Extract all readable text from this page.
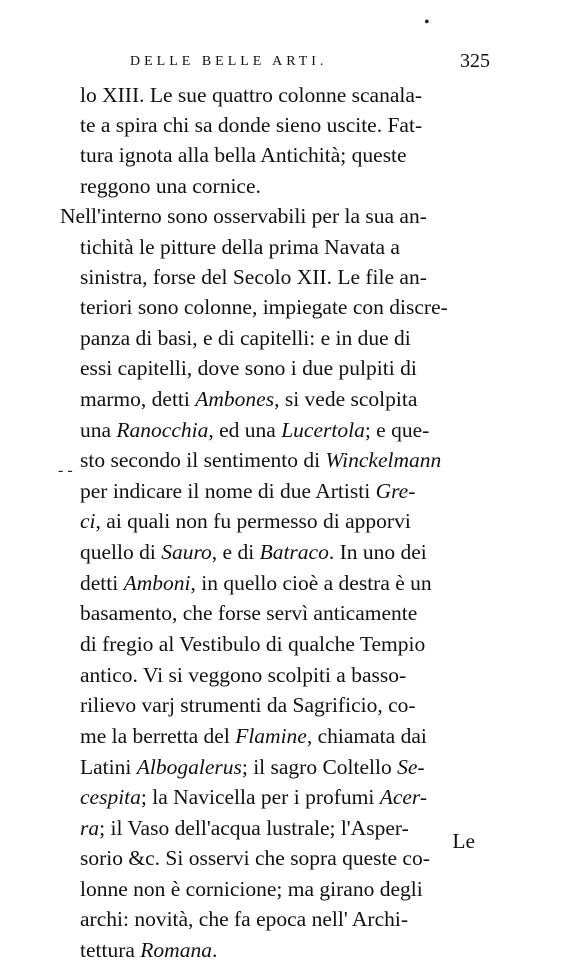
DELLE BELLE ARTI.	325
lo XIII. Le sue quattro colonne scanala-
te a spira chi sa donde sieno uscite. Fat-
tura ignota alla bella Antichità; queste
reggono una cornice.
Nell'interno sono osservabili per la sua an-
tichità le pitture della prima Navata a
sinistra, forse del Secolo XII. Le file an-
teriori sono colonne, impiegate con discre-
panza di basi, e di capitelli: e in due di
essi capitelli, dove sono i due pulpiti di
marmo, detti Ambones, si vede scolpita
una Ranocchia, ed una Lucertola; e que-
sto secondo il sentimento di Winckelmann
per indicare il nome di due Artisti Gre-
ci, ai quali non fu permesso di apporvi
quello di Sauro, e di Batraco. In uno dei
detti Amboni, in quello cioè a destra è un
basamento, che forse servì anticamente
di fregio al Vestibulo di qualche Tempio
antico. Vi si veggono scolpiti a basso-
rilievo varj strumenti da Sagrificio, co-
me la berretta del Flamine, chiamata dai
Latini Albogalerus; il sagro Coltello Se-
cespita; la Navicella per i profumi Acer-
ra; il Vaso dell'acqua lustrale; l'Asper-
sorio &c. Si osservi che sopra queste co-
lonne non è cornicione; ma girano degli
archi: novità, che fa epoca nell' Archi-
tettura Romana.
Le
•
- -
